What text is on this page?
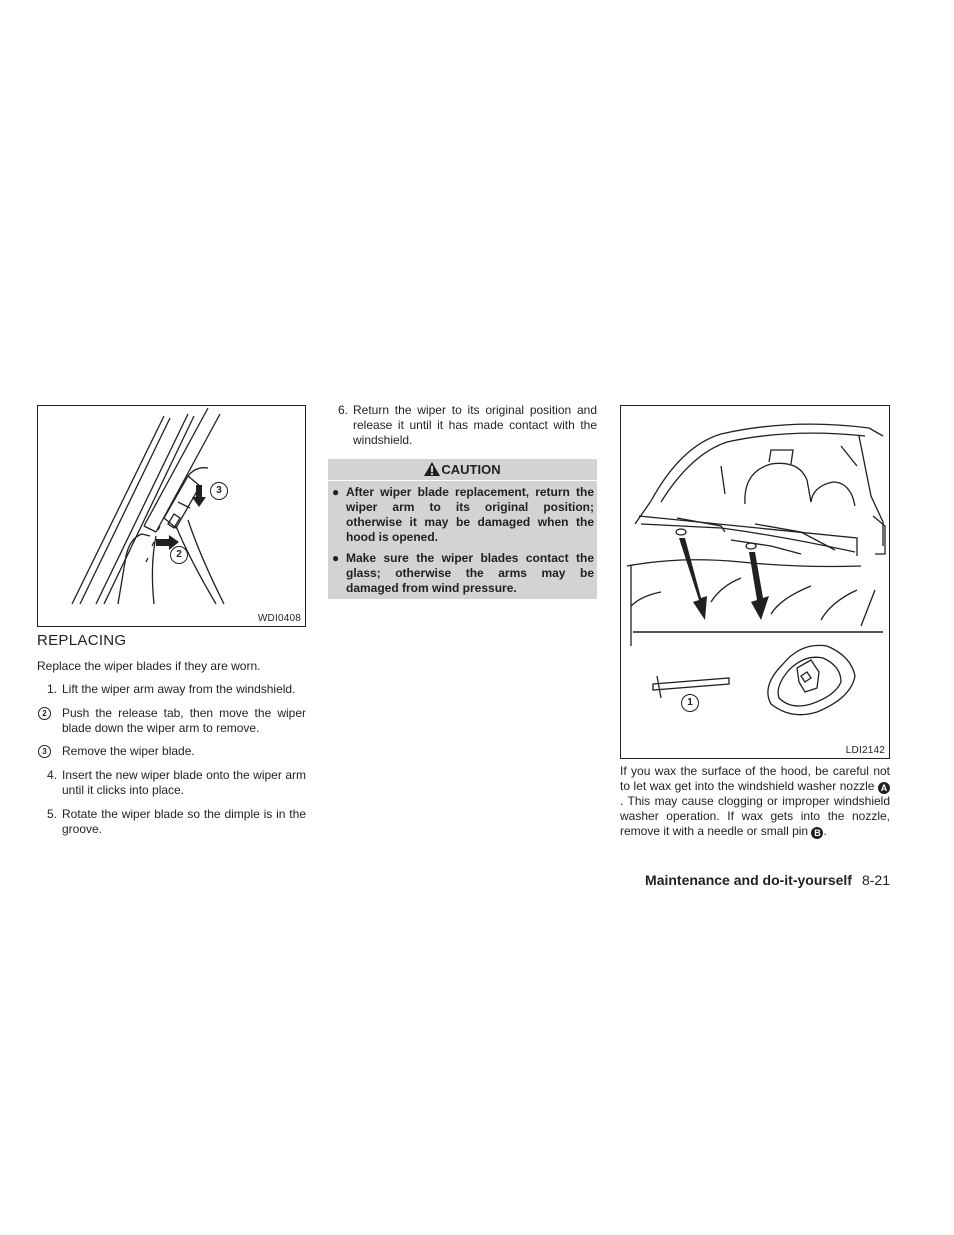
3
2
WDI0408
REPLACING
Replace the wiper blades if they are worn.
1. Lift the wiper arm away from the windshield.
2	Push the release tab, then move the wiper blade down the wiper arm to remove.
3	Remove the wiper blade.
4. Insert the new wiper blade onto the wiper arm until it clicks into place.
5. Rotate the wiper blade so the dimple is in the groove.
6. Return the wiper to its original position and release it until it has made contact with the windshield.
CAUTION
● After wiper blade replacement, return the wiper arm to its original position; otherwise it may be damaged when the hood is opened.
● Make sure the wiper blades contact the glass; otherwise the arms may be damaged from wind pressure.
1
LDI2142
If you wax the surface of the hood, be careful not to let wax get into the windshield washer nozzle A. This may cause clogging or improper windshield washer operation. If wax gets into the nozzle, remove it with a needle or small pin B .
Maintenance and do-it-yourself 8-21
